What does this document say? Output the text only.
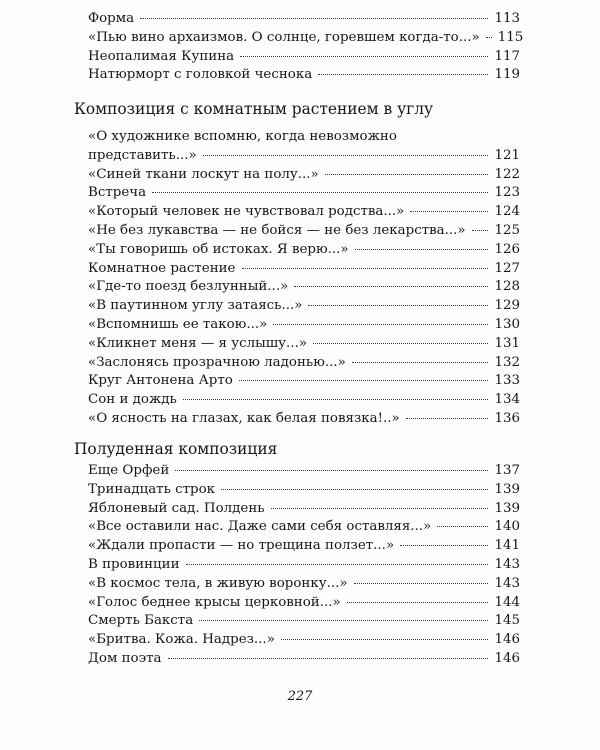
Форма	113
«Пью вино архаизмов. О солнце, горевшем когда-то...» 115
Неопалимая Купина	117
Натюрморт с головкой чеснока	119
Композиция с комнатным растением в углу
«О художнике вспомню, когда невозможно
представить...»	121
«Синей ткани лоскут на полу...»	122
Встреча	123
«Который человек не чувствовал родства...»	124
«Не без лукавства — не бойся — не без лекарства...» 125
«Ты говоришь об истоках. Я верю...»	126
Комнатное растение	127
«Где-то поезд безлунный...»	128
«В паутинном углу затаясь...»	129
«Вспомнишь ее такою...»	130
«Кликнет меня — я услышу...»	131
«Заслонясь прозрачною ладонью...»	132
Круг Антонена Арто	133
Сон и дождь	134
«О ясность на глазах, как белая повязка!..»	136
Полуденная композиция
Еще Орфей	137
Тринадцать строк	139
Яблоневый сад. Полдень	139
«Все оставили нас. Даже сами себя оставляя...»	140
«Ждали пропасти — но трещина ползет...»	141
В провинции	143
«В космос тела, в живую воронку...»	143
«Голос беднее крысы церковной...»	144
Смерть Бакста	145
«Бритва. Кожа. Надрез...»	146
Дом поэта	146
227
